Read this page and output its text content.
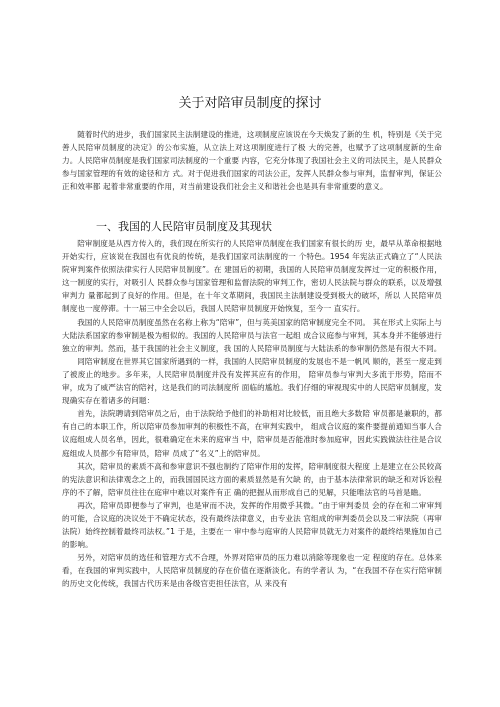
关于对陪审员制度的探讨

随着时代的进步，我们国家民主法制建设的推进，这项制度应该说在今天焕发了新的生 机，特别是《关于完善人民陪审员制度的决定》的公布实施，从立法上对这项制度进行了极 大的完善，也赋予了这项制度新的生命力。人民陪审员制度是我们国家司法制度的一个重要 内容，它充分体现了我国社会主义的司法民主，是人民群众参与国家管理的有效的途径和方 式。对于促进我们国家的司法公正，发挥人民群众参与审判，监督审判，保证公正和效率都 起着非常重要的作用，对当前建设我们社会主义和谐社会也是具有非常重要的意义。

一、我国的人民陪审员制度及其现状

陪审制度是从西方传入的，我们现在所实行的人民陪审员制度在我们国家有很长的历 史，最早从革命根据地开始实行，应该说在我国也有优良的传统，是我们国家司法制度的一 个特色。1954 年宪法正式确立了“人民法院审判案件依照法律实行人民陪审员制度”。在 建国后的初期，我国的人民陪审员制度发挥过一定的积极作用，这一制度的实行，对吸引人 民群众参与国家管理和监督法院的审判工作，密切人民法院与群众的联系，以及增强审判力 量都起到了良好的作用。但是，在十年文革期间，我国民主法制建设受到极大的破坏，所以 人民陪审员制度也一度停滞。十一届三中全会以后，我国人民陪审员制度开始恢复，至今一 直实行。

我国的人民陪审员制度虽然在名称上称为“陪审”，但与英美国家的陪审制度完全不同。 其在形式上实际上与大陆法系国家的参审制是极为相似的。我国的人民陪审员与法官一起组 成合议庭参与审判，其本身并不能够进行独立的审判。然而，基于我国的社会主义制度，我 国的人民陪审员制度与大陆法系的参审制仍然是有很大不同。

同陪审制度在世界其它国家所遇到的一样，我国的人民陪审员制度的发展也不是一帆风 顺的，甚至一度走到了被废止的地步。多年来，人民陪审员制度并没有发挥其应有的作用， 陪审员参与审判大多流于形势，陪而不审，成为了威严法官的陪衬，这是我们的司法制度所 面临的尴尬。我们仔细的审视现实中的人民陪审员制度，发现确实存在着诸多的问题：

首先，法院聘请到陪审员之后，由于法院给予他们的补助相对比较低，而且绝大多数陪 审员都是兼职的，都有自己的本职工作，所以陪审员参加审判的积极性不高，在审判实践中， 组成合议庭的案件要提前通知当事人合议庭组成人员名单，因此，很难确定在未来的庭审当 中，陪审员是否能准时参加庭审，因此实践做法往往是合议庭组成人员都少有陪审员，陪审 员成了“名义”上的陪审员。

其次，陪审员的素质不高和参审意识不强也制约了陪审作用的发挥，陪审制度很大程度 上是建立在公民较高的宪法意识和法律观念之上的，而我国国民这方面的素质显然是有欠缺 的，由于基本法律常识的缺乏和对诉讼程序的不了解，陪审员往往在庭审中难以对案件有正 确的把握从而形成自己的见解，只能唯法官的马首是瞻。

再次，陪审员即便参与了审判，也是审而不决，发挥的作用微乎其微。“由于审判委员 会的存在和二审审判的可能，合议庭的决议处于不确定状态，没有最终法律意义，由专业法 官组成的审判委员会以及二审法院（再审法院）始终控制着最终司法权。”1 于是，主要在一 审中参与庭审的人民陪审员就无力对案件的最终结果施加自己的影响。

另外，对陪审员的选任和管理方式不合理，外界对陪审员的压力难以消除等现象也一定 程度的存在。总体来看，在我国的审判实践中，人民陪审员制度的存在价值在逐渐淡化。有的学者认 为，“在我国不存在实行陪审制的历史文化传统，我国古代历来是由各级官吏担任法官，从 来没有
